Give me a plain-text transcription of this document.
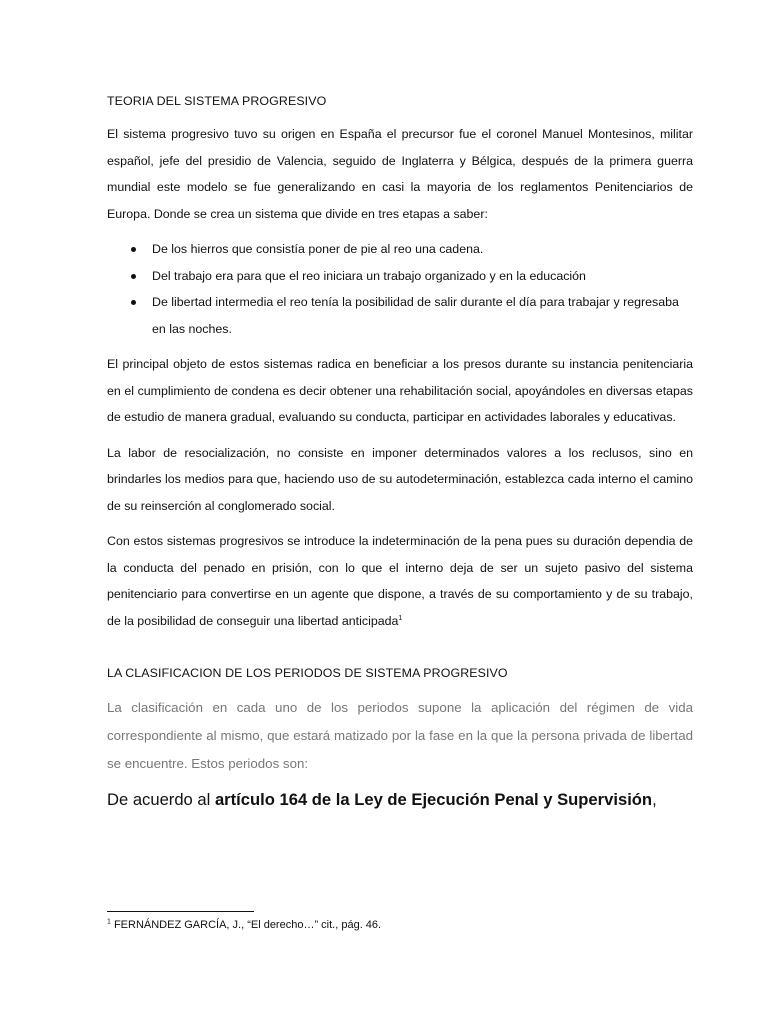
TEORIA DEL SISTEMA PROGRESIVO

El sistema progresivo tuvo su origen en España el precursor fue el coronel Manuel Montesinos, militar español, jefe del presidio de Valencia, seguido de Inglaterra y Bélgica, después de la primera guerra mundial este modelo se fue generalizando en casi la mayoria de los reglamentos Penitenciarios de Europa. Donde se crea un sistema que divide en tres etapas a saber:

De los hierros que consistía poner de pie al reo una cadena.
Del trabajo era para que el reo iniciara un trabajo organizado y en la educación
De libertad intermedia el reo tenía la posibilidad de salir durante el día para trabajar y regresaba en las noches.

El principal objeto de estos sistemas radica en beneficiar a los presos durante su instancia penitenciaria en el cumplimiento de condena es decir obtener una rehabilitación social, apoyándoles en diversas etapas de estudio de manera gradual, evaluando su conducta, participar en actividades laborales y educativas.

La labor de resocialización, no consiste en imponer determinados valores a los reclusos, sino en brindarles los medios para que, haciendo uso de su autodeterminación, establezca cada interno el camino de su reinserción al conglomerado social.

Con estos sistemas progresivos se introduce la indeterminación de la pena pues su duración dependia de la conducta del penado en prisión, con lo que el interno deja de ser un sujeto pasivo del sistema penitenciario para convertirse en un agente que dispone, a través de su comportamiento y de su trabajo, de la posibilidad de conseguir una libertad anticipada$^1$

LA CLASIFICACION DE LOS PERIODOS DE SISTEMA PROGRESIVO

La clasificación en cada uno de los periodos supone la aplicación del régimen de vida correspondiente al mismo, que estará matizado por la fase en la que la persona privada de libertad se encuentre. Estos periodos son:

De acuerdo al artículo 164 de la Ley de Ejecución Penal y Supervisión,

$^1$ FERNÁNDEZ GARCÍA, J., “El derecho…” cit., pág. 46.
